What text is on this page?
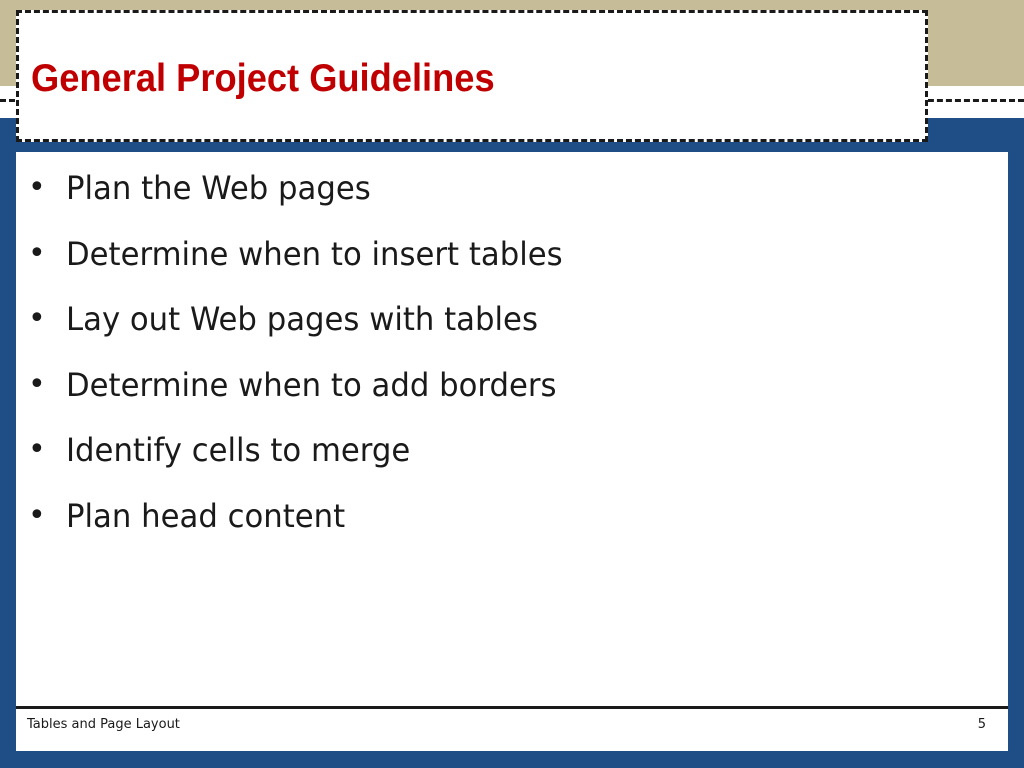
General Project Guidelines
• Plan the Web pages
• Determine when to insert tables
• Lay out Web pages with tables
• Determine when to add borders
• Identify cells to merge
• Plan head content
Tables and Page Layout	5
